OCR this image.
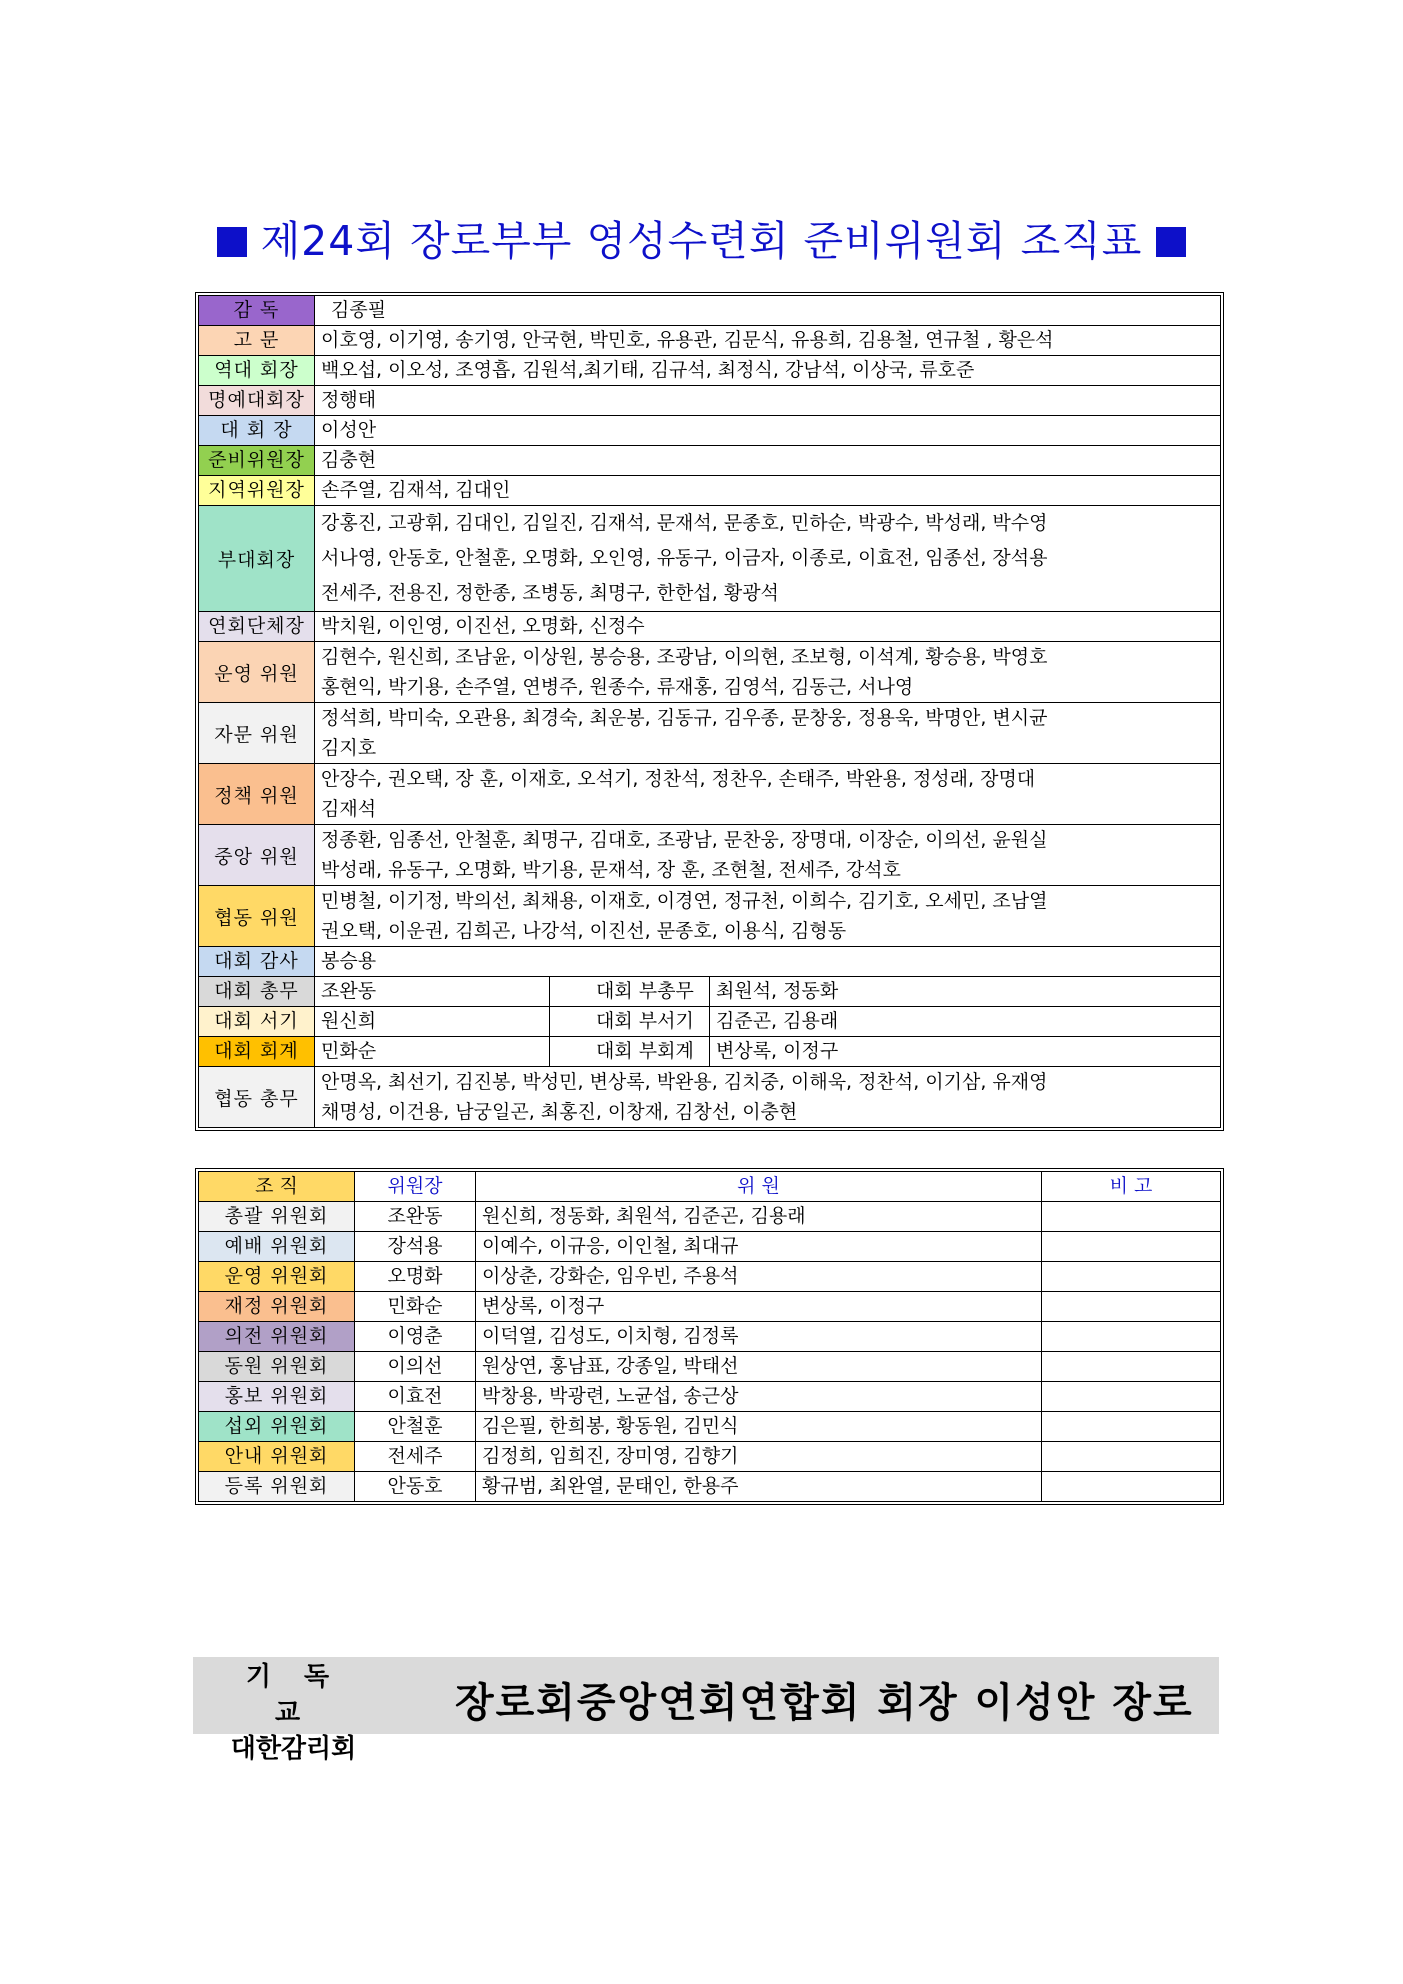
제24회 장로부부 영성수련회 준비위원회 조직표
감 독	김종필		
고 문	이호영, 이기영, 송기영, 안국현, 박민호, 유용관, 김문식, 유용희, 김용철, 연규철 , 황은석		
역대 회장	백오섭, 이오성, 조영흡, 김원석,최기태, 김규석, 최정식, 강남석, 이상국, 류호준		
명예대회장	정행태		
대 회 장	이성안		
준비위원장	김충현		
지역위원장	손주열, 김재석, 김대인		
부대회장	강홍진, 고광휘, 김대인, 김일진, 김재석, 문재석, 문종호, 민하순, 박광수, 박성래, 박수영
서나영, 안동호, 안철훈, 오명화, 오인영, 유동구, 이금자, 이종로, 이효전, 임종선, 장석용
전세주, 전용진, 정한종, 조병동, 최명구, 한한섭, 황광석		

연회단체장	박치원, 이인영, 이진선, 오명화, 신정수		
운영 위원	김현수, 원신희, 조남윤, 이상원, 봉승용, 조광남, 이의현, 조보형, 이석계, 황승용, 박영호
홍현익, 박기용, 손주열, 연병주, 원종수, 류재홍, 김영석, 김동근, 서나영		

자문 위원	정석희, 박미숙, 오관용, 최경숙, 최운봉, 김동규, 김우종, 문창웅, 정용욱, 박명안, 변시균
김지호		

정책 위원	안장수, 권오택, 장 훈, 이재호, 오석기, 정찬석, 정찬우, 손태주, 박완용, 정성래, 장명대
김재석		

중앙 위원	정종환, 임종선, 안철훈, 최명구, 김대호, 조광남, 문찬웅, 장명대, 이장순, 이의선, 윤원실
박성래, 유동구, 오명화, 박기용, 문재석, 장 훈, 조현철, 전세주, 강석호		

협동 위원	민병철, 이기정, 박의선, 최채용, 이재호, 이경연, 정규천, 이희수, 김기호, 오세민, 조남열
권오택, 이운권, 김희곤, 나강석, 이진선, 문종호, 이용식, 김형동		

대회 감사	봉승용		
대회 총무	조완동	대회 부총무	최원석, 정동화
대회 서기	원신희	대회 부서기	김준곤, 김용래
대회 회계	민화순	대회 부회계	변상록, 이정구
협동 총무	안명옥, 최선기, 김진봉, 박성민, 변상록, 박완용, 김치중, 이해욱, 정찬석, 이기삼, 유재영
채명성, 이건용, 남궁일곤, 최홍진, 이창재, 김창선, 이충현		
조 직	위원장	위 원	비 고
총괄 위원회	조완동	원신희, 정동화, 최원석, 김준곤, 김용래	
예배 위원회	장석용	이예수, 이규응, 이인철, 최대규	
운영 위원회	오명화	이상춘, 강화순, 임우빈, 주용석	
재정 위원회	민화순	변상록, 이정구	
의전 위원회	이영춘	이덕열, 김성도, 이치형, 김정록	
동원 위원회	이의선	원상연, 홍남표, 강종일, 박태선	
홍보 위원회	이효전	박창용, 박광련, 노균섭, 송근상	
섭외 위원회	안철훈	김은필, 한희봉, 황동원, 김민식	
안내 위원회	전세주	김정희, 임희진, 장미영, 김향기	
등록 위원회	안동호	황규범, 최완열, 문태인, 한용주	
기 독 교
대한감리회
장로회중앙연회연합회 회장 이성안 장로
